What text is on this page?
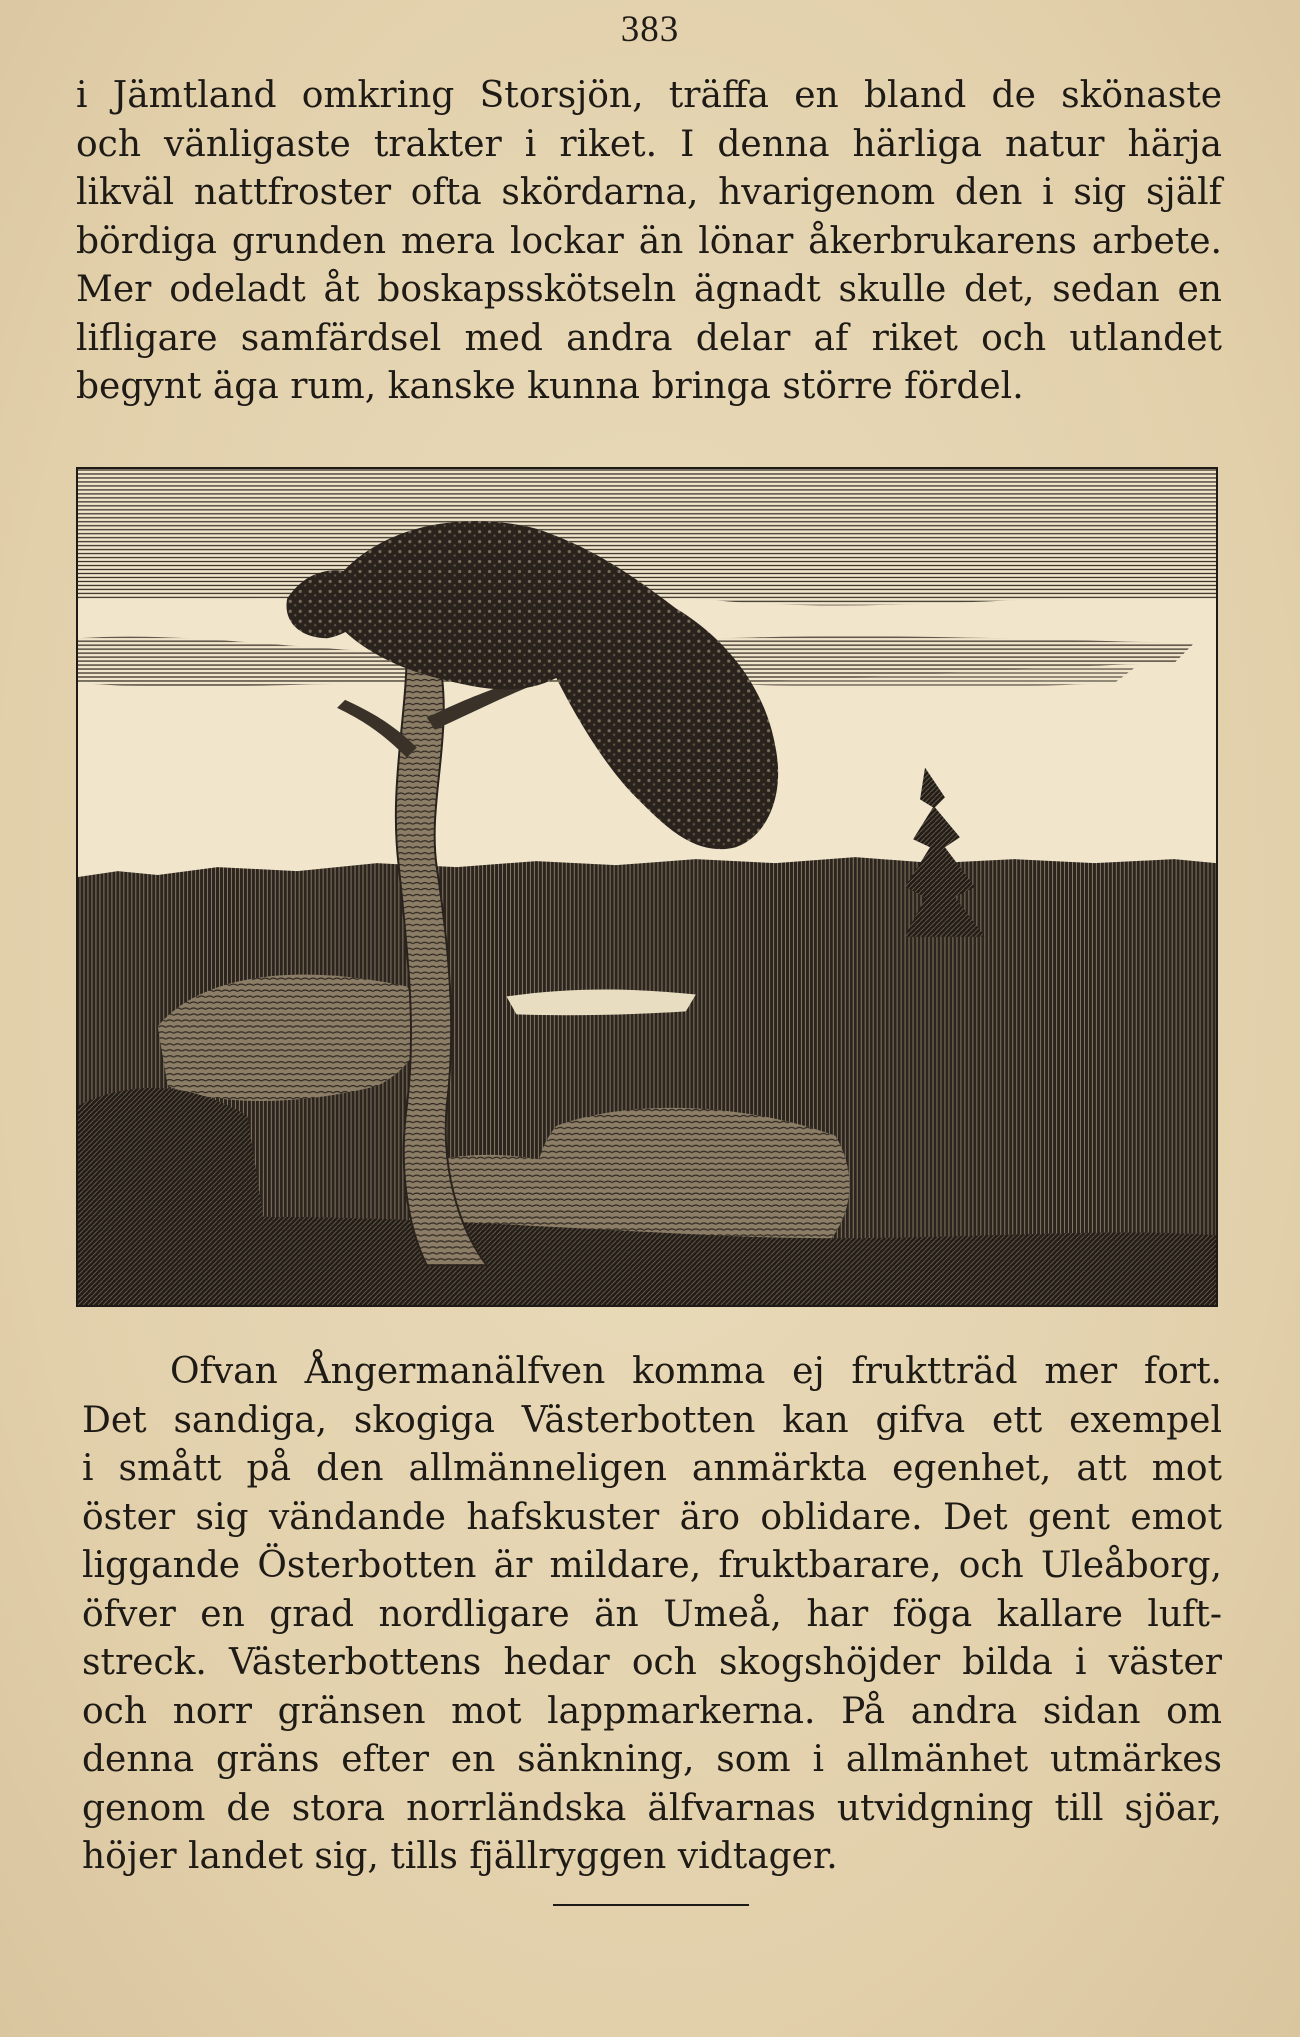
383
i Jämtland omkring Storsjön, träffa en bland de skönaste
och vänligaste trakter i riket. I denna härliga natur härja
likväl nattfroster ofta skördarna, hvarigenom den i sig själf
bördiga grunden mera lockar än lönar åkerbrukarens arbete.
Mer odeladt åt boskapsskötseln ägnadt skulle det, sedan en
lifligare samfärdsel med andra delar af riket och utlandet
begynt äga rum, kanske kunna bringa större fördel.
Ofvan Ångermanälfven komma ej fruktträd mer fort.
Det sandiga, skogiga Västerbotten kan gifva ett exempel
i smått på den allmänneligen anmärkta egenhet, att mot
öster sig vändande hafskuster äro oblidare. Det gent emot
liggande Österbotten är mildare, fruktbarare, och Uleåborg,
öfver en grad nordligare än Umeå, har föga kallare luft-
streck. Västerbottens hedar och skogshöjder bilda i väster
och norr gränsen mot lappmarkerna. På andra sidan om
denna gräns efter en sänkning, som i allmänhet utmärkes
genom de stora norrländska älfvarnas utvidgning till sjöar,
höjer landet sig, tills fjällryggen vidtager.
